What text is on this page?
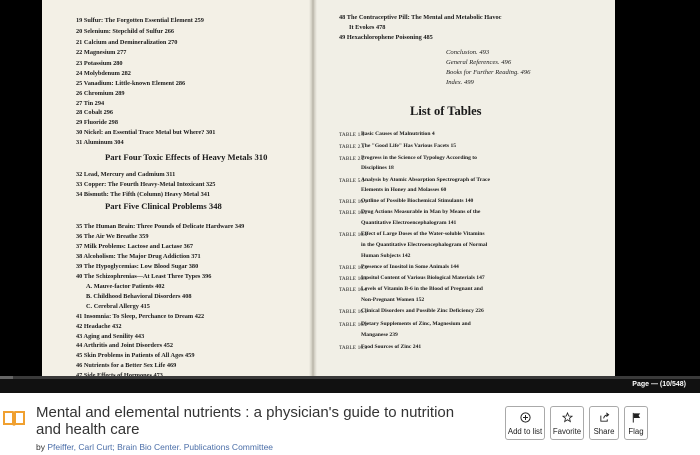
19 Sulfur: The Forgotten Essential Element 259
20 Selenium: Stepchild of Sulfur 266
21 Calcium and Demineralization 270
22 Magnesium 277
23 Potassium 280
24 Molybdenum 282
25 Vanadium: Little-known Element 286
26 Chromium 289
27 Tin 294
28 Cobalt 296
29 Fluoride 298
30 Nickel: an Essential Trace Metal but Where? 301
31 Aluminum 304
32 Lead, Mercury and Cadmium 311
33 Copper: The Fourth Heavy-Metal Intoxicant 325
34 Bismuth: The Fifth (Column) Heavy Metal 341
35 The Human Brain: Three Pounds of Delicate Hardware 349
36 The Air We Breathe 359
37 Milk Problems: Lactose and Lactase 367
38 Alcoholism: The Major Drug Addiction 371
39 The Hypoglycemias: Low Blood Sugar 380
40 The Schizophrenias—At Least Three Types 396
A. Mauve-factor Patients 402
B. Childhood Behavioral Disorders 408
C. Cerebral Allergy 415
41 Insomnia: To Sleep, Perchance to Dream 422
42 Headache 432
43 Aging and Senility 443
44 Arthritis and Joint Disorders 452
45 Skin Problems in Patients of All Ages 459
46 Nutrients for a Better Sex Life 469
47 Side Effects of Hormones 473
Part Four Toxic Effects of Heavy Metals 310
Part Five Clinical Problems 348
List of Tables
48 The Contraceptive Pill: The Mental and Metabolic Havoc
It Evokes 478
49 Hexachlorophene Poisoning 485
Conclusion. 493
General References. 496
Books for Further Reading. 496
Index. 499
TABLE 1.1
Basic Causes of Malnutrition 4
TABLE 2.1
The "Good Life" Has Various Facets 15
TABLE 2.2
Progress in the Science of Typology According to
Disciplines 18
TABLE 5.1
Analysis by Atomic Absorption Spectrograph of Trace
Elements in Honey and Molasses 60
TABLE 10.1
Outline of Possible Biochemical Stimulants 140
TABLE 10.2
Drug Actions Measurable in Man by Means of the
Quantitative Electroencephalogram 141
TABLE 10.3
Effect of Large Doses of the Water-soluble Vitamins
in the Quantitative Electroencephalogram of Normal
Human Subjects 142
TABLE 10.4
Presence of Inositol in Some Animals 144
TABLE 10.5
Inositol Content of Various Biological Materials 147
TABLE 10.6
Levels of Vitamin B-6 in the Blood of Pregnant and
Non-Pregnant Women 152
TABLE 16.1
Clinical Disorders and Possible Zinc Deficiency 226
TABLE 16.2
Dietary Supplements of Zinc, Magnesium and
Manganese 239
TABLE 16.3
Food Sources of Zinc 241
Page — (10/548)
Mental and elemental nutrients : a physician's guide to nutrition and health care
by Pfeiffer, Carl Curt; Brain Bio Center. Publications Committee
Add to list Favorite	Share	Flag
